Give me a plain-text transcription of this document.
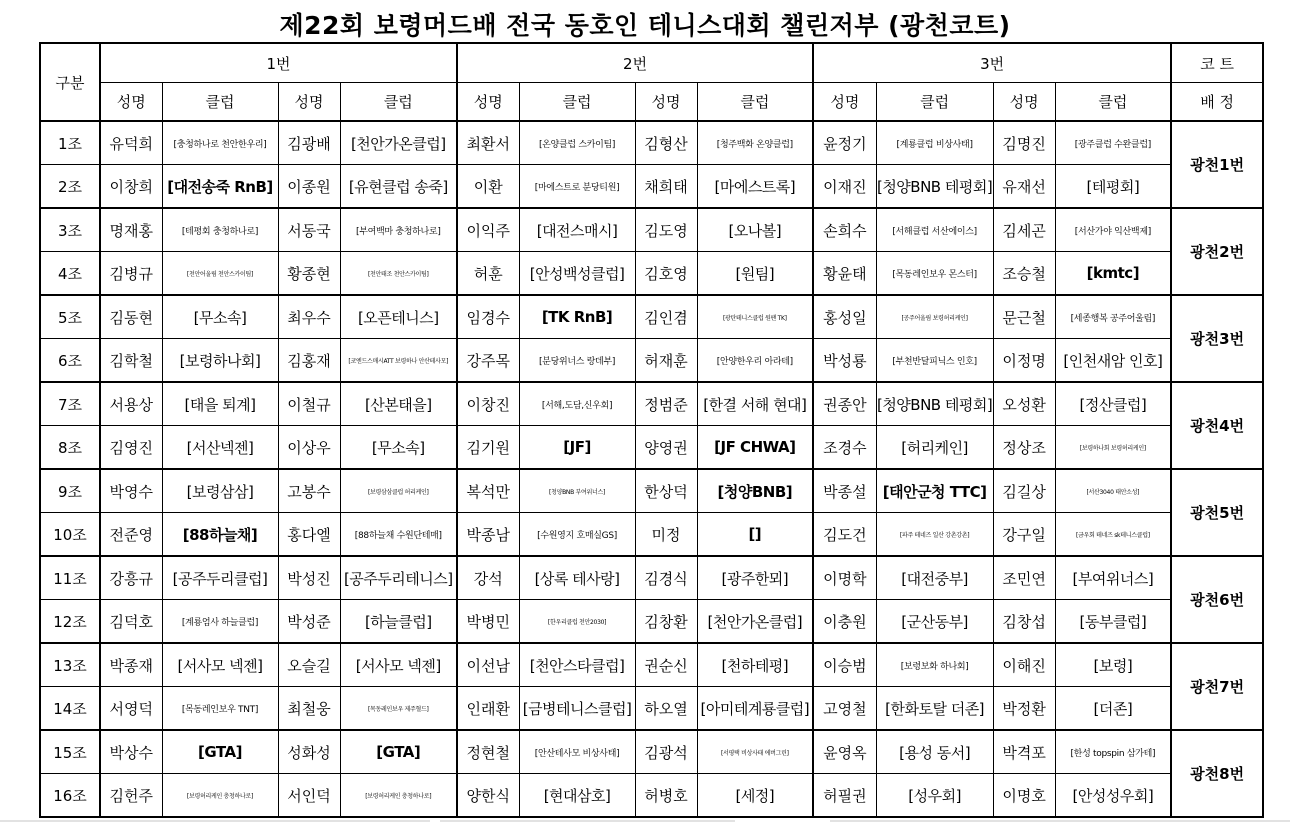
제22회 보령머드배 전국 동호인 테니스대회 챌린저부 (광천코트)
구분	1번				2번				3번				코 트
	성명	클럽	성명	클럽	성명	클럽	성명	클럽	성명	클럽	성명	클럽	배 정
1조	유덕희	[충청하나로 천안한우리]	김광배	[천안가온클럽]	최환서	[온양클럽 스카이팀]	김형산	[청주백화 온양클럽]	윤정기	[계룡클럽 비상사태]	김명진	[광주클럽 수완클럽]	광천1번
2조	이창희	[대전송죽 RnB]	이종원	[유현클럽 송죽]	이환	[마에스트로 분당티원]	채희태	[마에스트록]	이재진	[청양BNB 테평회]	유재선	[테평회]	
3조	명재홍	[테평회 충청하나로]	서동국	[부여백마 충청하나로]	이익주	[대전스매시]	김도영	[오나볼]	손희수	[서해클럽 서산에이스]	김세곤	[서산가야 익산백제]	광천2번
4조	김병규	[천안어울림 천안스카이팀]	황종현	[천안태조 천안스카이팀]	허훈	[안성백성클럽]	김호영	[원팀]	황윤태	[목동레인보우 몬스터]	조승철	[kmtc]	
5조	김동현	[무소속]	최우수	[오픈테니스]	임경수	[TK RnB]	김인겸	[광탄테니스클럽 원팬 TK]	홍성일	[공주어울림 보령허리케인]	문근철	[세종행복 공주어울림]	광천3번
6조	김학철	[보령하나회]	김홍재	[코엔드스매시ATT 보령하나 안산테사모]	강주목	[분당위너스 랑데부]	허재훈	[안양한우리 아라테]	박성룡	[부천반달피닉스 인호]	이정명	[인천새암 인호]	
7조	서용상	[태을 퇴계]	이철규	[산본태을]	이창진	[서해,도담,신우회]	정범준	[한결 서해 현대]	권종안	[청양BNB 테평회]	오성환	[정산클럽]	광천4번
8조	김영진	[서산넥젠]	이상우	[무소속]	김기원	[JF]	양영권	[JF CHWA]	조경수	[허리케인]	정상조	[보령하나회 보령허리케인]	
9조	박영수	[보령삼삼]	고봉수	[보령삼삼클럽 허리케인]	복석만	[청양BNB 부여위너스]	한상덕	[청양BNB]	박종설	[태안군청 TTC]	김길상	[서산3040 태안소성]	광천5번
10조	전준영	[88하늘채]	홍다엘	[88하늘채 수원단테매]	박종남	[수원영지 호매실GS]	미정	[]	김도건	[파주 테네즈 일산 강촌강촌]	강구일	[금우회 테네즈 sk테니스클럽]	
11조	강흥규	[공주두리클럽]	박성진	[공주두리테니스]	강석	[상록 테사랑]	김경식	[광주한뫼]	이명학	[대전중부]	조민연	[부여위너스]	광천6번
12조	김덕호	[계룡엄사 하늘클럽]	박성준	[하늘클럽]	박병민	[한우리클럽 천안2030]	김창환	[천안가온클럽]	이충원	[군산동부]	김창섭	[동부클럽]	
13조	박종재	[서사모 넥젠]	오슬길	[서사모 넥젠]	이선남	[천안스타클럽]	권순신	[천하테평]	이승범	[보령보화 하나회]	이해진	[보령]	광천7번
14조	서영덕	[목동레인보우 TNT]	최철웅	[목동레인보우 제주혈드]	인래환	[금병테니스클럽]	하오열	[아미테계룡클럽]	고영철	[한화토탈 더존]	박정환	[더존]	
15조	박상수	[GTA]	성화성	[GTA]	정현철	[안산테사모 비상사태]	김광석	[서평택 비상사태 에버그린]	윤영옥	[용성 동서]	박격포	[한성 topspin 삼가테]	광천8번
16조	김헌주	[보령허리케인 충청하나로]	서인덕	[보령허리케인 충청하나로]	양한식	[현대삼호]	허병호	[세정]	허필권	[성우회]	이명호	[안성성우회]	
